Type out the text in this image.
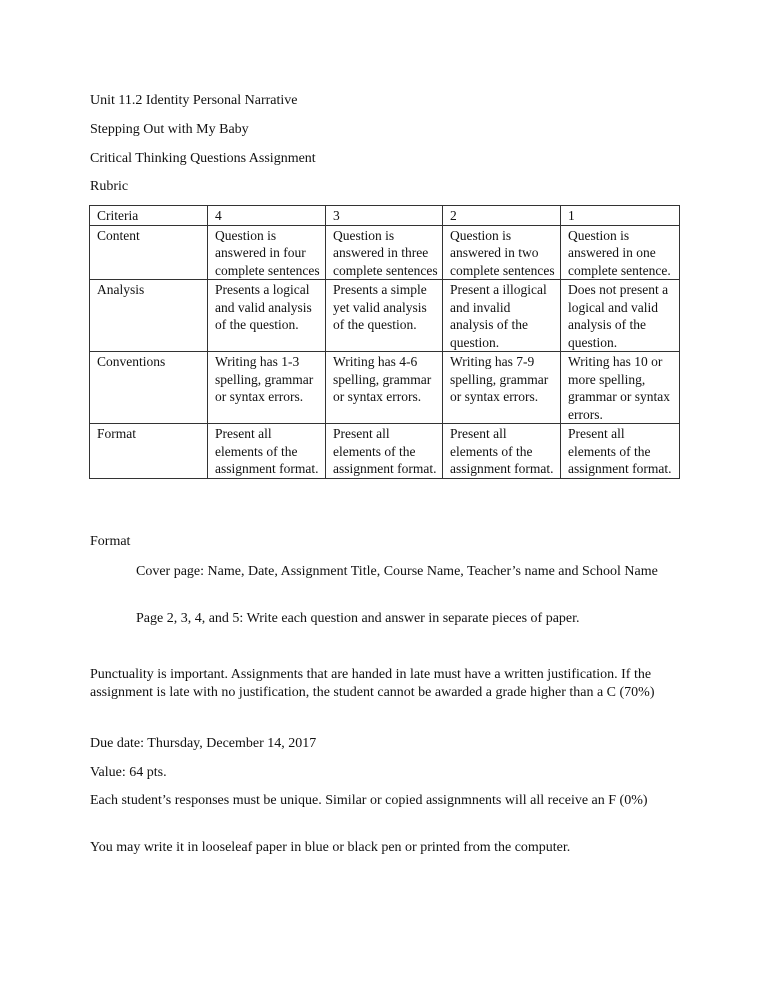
Unit 11.2 Identity Personal Narrative

Stepping Out with My Baby

Critical Thinking Questions Assignment

Rubric

Criteria	4	3	2	1
Content	Question is answered in four complete sentences	Question is answered in three complete sentences	Question is answered in two complete sentences	Question is answered in one complete sentence.
Analysis	Presents a logical and valid analysis of the question.	Presents a simple yet valid analysis of the question.	Present a illogical and invalid analysis of the question.	Does not present a logical and valid analysis of the question.
Conventions	Writing has 1-3 spelling, grammar or syntax errors.	Writing has 4-6 spelling, grammar or syntax errors.	Writing has 7-9 spelling, grammar or syntax errors.	Writing has 10 or more spelling, grammar or syntax errors.
Format	Present all elements of the assignment format.	Present all elements of the assignment format.	Present all elements of the assignment format.	Present all elements of the assignment format.

Format

Cover page: Name, Date, Assignment Title, Course Name, Teacher’s name and School Name

Page 2, 3, 4, and 5: Write each question and answer in separate pieces of paper.

Punctuality is important. Assignments that are handed in late must have a written justification. If the assignment is late with no justification, the student cannot be awarded a grade higher than a C (70%)

Due date: Thursday, December 14, 2017

Value: 64 pts.

Each student’s responses must be unique. Similar or copied assignmnents will all receive an F (0%)

You may write it in looseleaf paper in blue or black pen or printed from the computer.
